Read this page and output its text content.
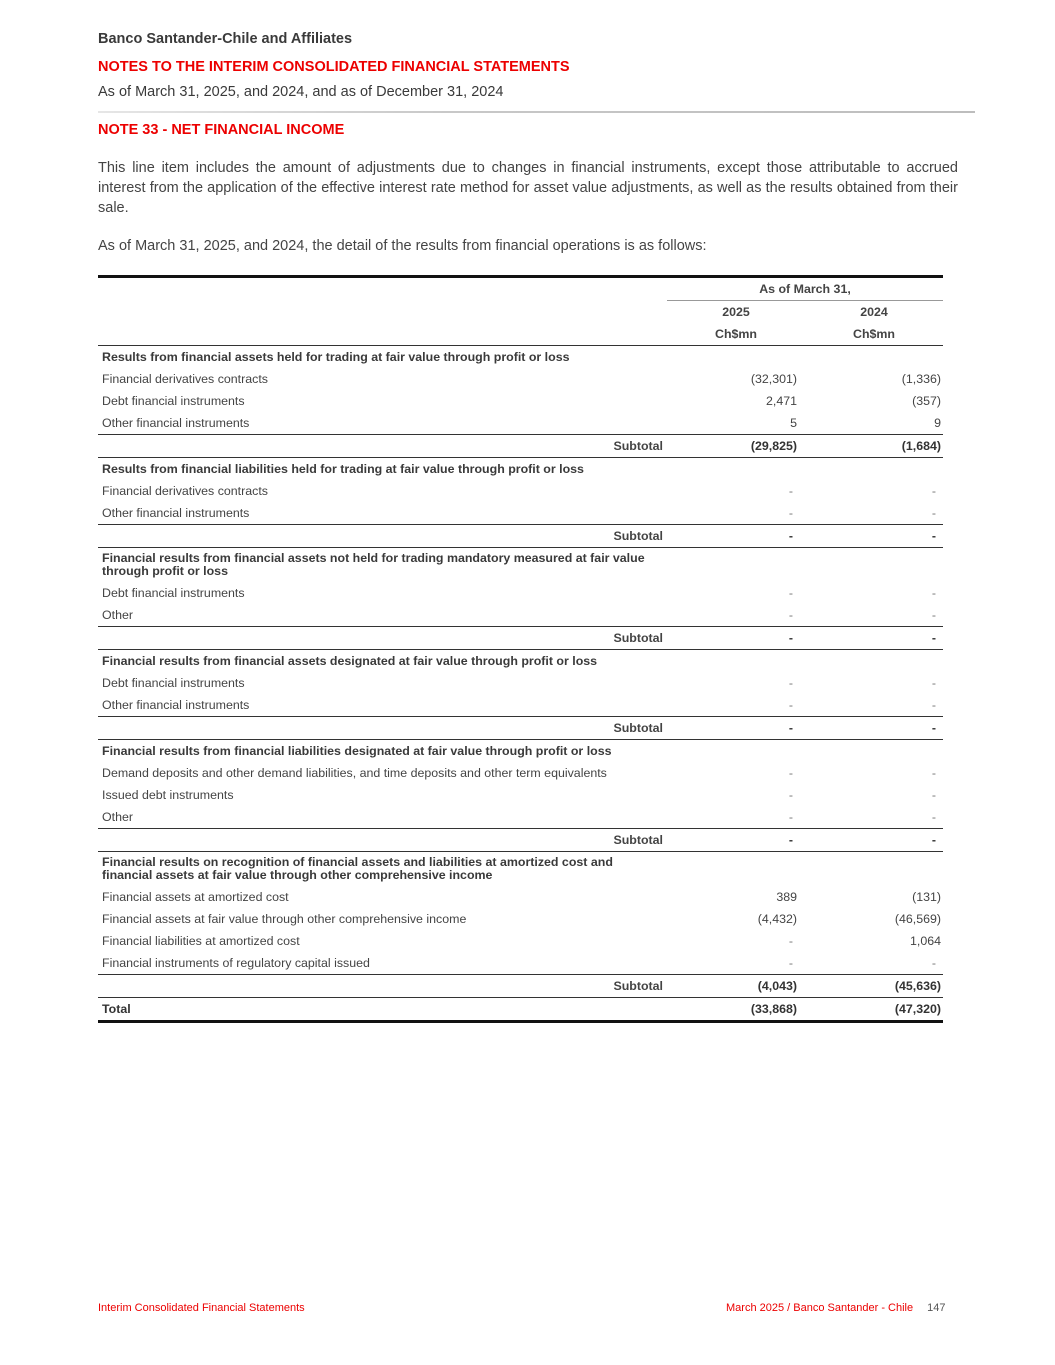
Banco Santander-Chile and Affiliates
NOTES TO THE INTERIM CONSOLIDATED FINANCIAL STATEMENTS
As of March 31, 2025, and 2024, and as of December 31, 2024
NOTE 33 - NET FINANCIAL INCOME
This line item includes the amount of adjustments due to changes in financial instruments, except those attributable to accrued interest from the application of the effective interest rate method for asset value adjustments, as well as the results obtained from their sale.
As of March 31, 2025, and 2024, the detail of the results from financial operations is as follows:
	As of March 31,	
	2025	2024
	Ch$mn	Ch$mn
Results from financial assets held for trading at fair value through profit or loss		
Financial derivatives contracts	(32,301)	(1,336)
Debt financial instruments	2,471	(357)
Other financial instruments	5	9
Subtotal	(29,825)	(1,684)
Results from financial liabilities held for trading at fair value through profit or loss		
Financial derivatives contracts	-	-
Other financial instruments	-	-
Subtotal	-	-
Financial results from financial assets not held for trading mandatory measured at fair value through profit or loss		
Debt financial instruments	-	-
Other	-	-
Subtotal	-	-
Financial results from financial assets designated at fair value through profit or loss		
Debt financial instruments	-	-
Other financial instruments	-	-
Subtotal	-	-
Financial results from financial liabilities designated at fair value through profit or loss		
Demand deposits and other demand liabilities, and time deposits and other term equivalents	-	-
Issued debt instruments	-	-
Other	-	-
Subtotal	-	-
Financial results on recognition of financial assets and liabilities at amortized cost and financial assets at fair value through other comprehensive income		
Financial assets at amortized cost	389	(131)
Financial assets at fair value through other comprehensive income	(4,432)	(46,569)
Financial liabilities at amortized cost	-	1,064
Financial instruments of regulatory capital issued	-	-
Subtotal	(4,043)	(45,636)
Total	(33,868)	(47,320)
Interim Consolidated Financial Statements	March 2025 / Banco Santander - Chile 147
